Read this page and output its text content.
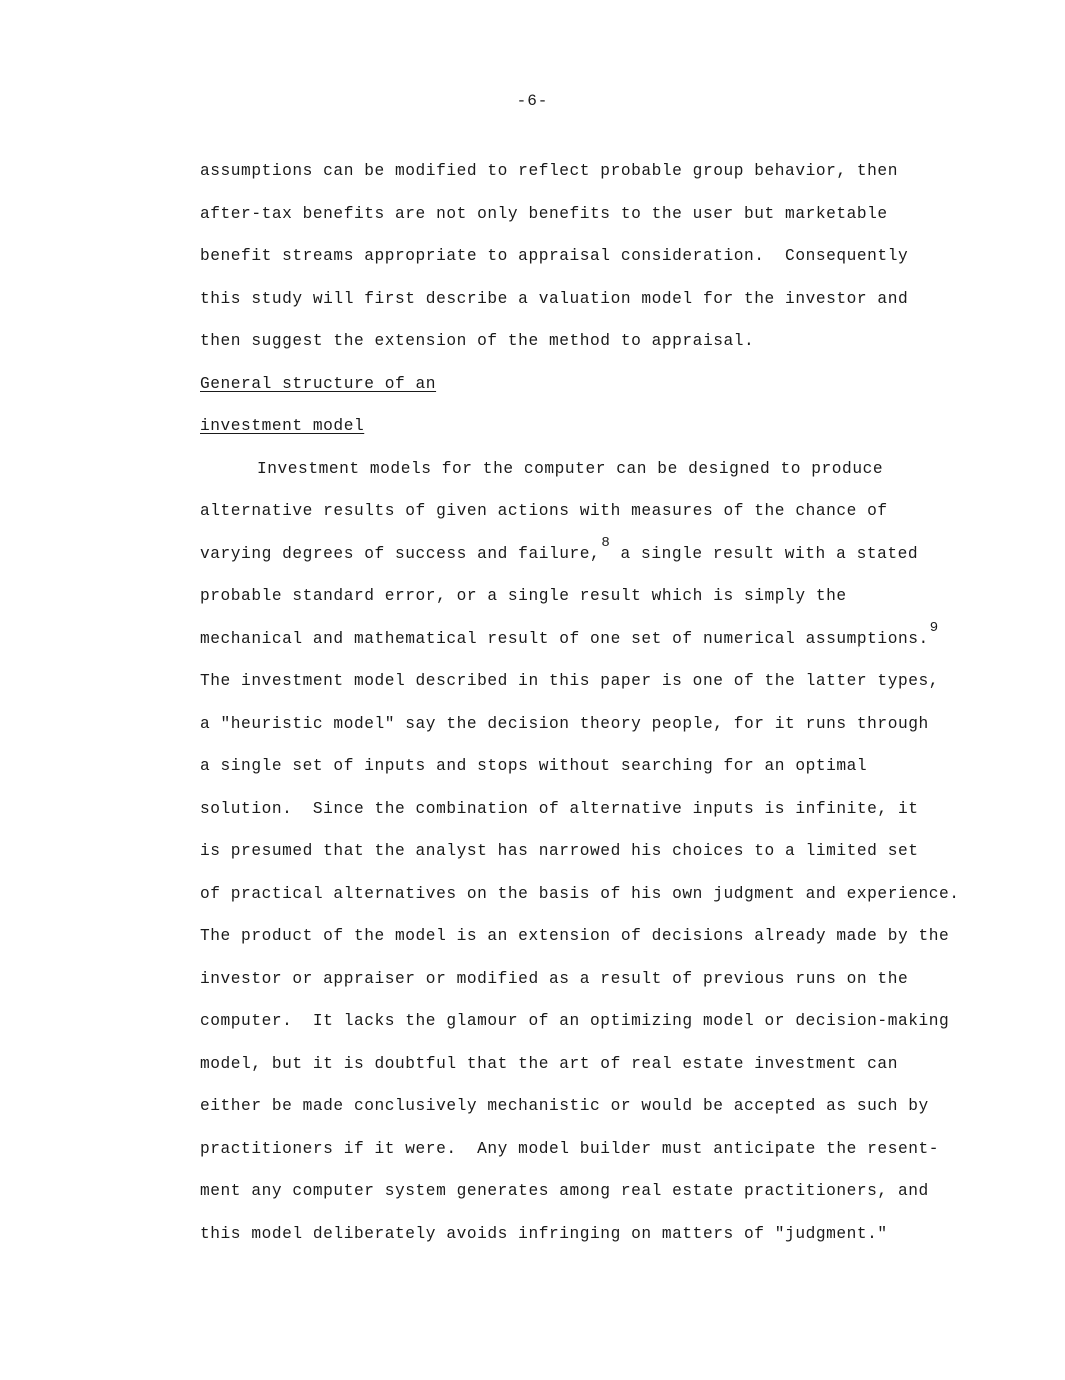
-6-
assumptions can be modified to reflect probable group behavior, then
after-tax benefits are not only benefits to the user but marketable
benefit streams appropriate to appraisal consideration.  Consequently
this study will first describe a valuation model for the investor and
then suggest the extension of the method to appraisal.
General structure of an
investment model
Investment models for the computer can be designed to produce
alternative results of given actions with measures of the chance of
varying degrees of success and failure,$^8$ a single result with a stated
probable standard error, or a single result which is simply the
mechanical and mathematical result of one set of numerical assumptions.$^9$
The investment model described in this paper is one of the latter types,
a "heuristic model" say the decision theory people, for it runs through
a single set of inputs and stops without searching for an optimal
solution.  Since the combination of alternative inputs is infinite, it
is presumed that the analyst has narrowed his choices to a limited set
of practical alternatives on the basis of his own judgment and experience.
The product of the model is an extension of decisions already made by the
investor or appraiser or modified as a result of previous runs on the
computer.  It lacks the glamour of an optimizing model or decision-making
model, but it is doubtful that the art of real estate investment can
either be made conclusively mechanistic or would be accepted as such by
practitioners if it were.  Any model builder must anticipate the resent-
ment any computer system generates among real estate practitioners, and
this model deliberately avoids infringing on matters of "judgment."
